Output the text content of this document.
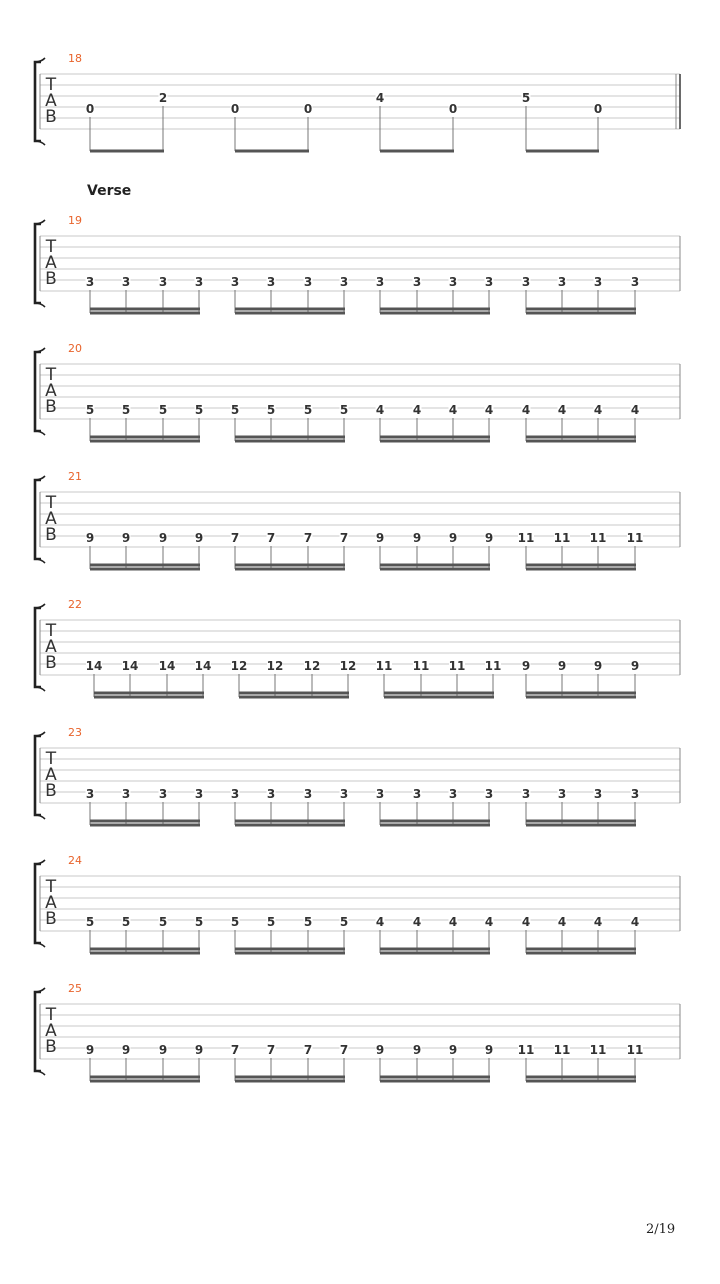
T
A
B
18
0
2
0	0
4
0
5
0
T
A
B
19
3 3 3 3 3 3 3 3 3 3 3 3 3 3 3 3
T
A
B
20
5 5 5 5 5 5 5 5 4 4 4 4 4 4 4 4
T
A
B
21
9 9 9 9 7 7 7 7 9 9 9 9 11 11 11 11
T
A
B
22
14 14 14 14 12 12 12 12 11 11 11 11 9 9 9 9
T
A
B
23
3 3 3 3 3 3 3 3 3 3 3 3 3 3 3 3
T
A
B
24
5 5 5 5 5 5 5 5 4 4 4 4 4 4 4 4
T
A
B
25
9 9 9 9 7 7 7 7 9 9 9 9 11 11 11 11
Verse
2/19
